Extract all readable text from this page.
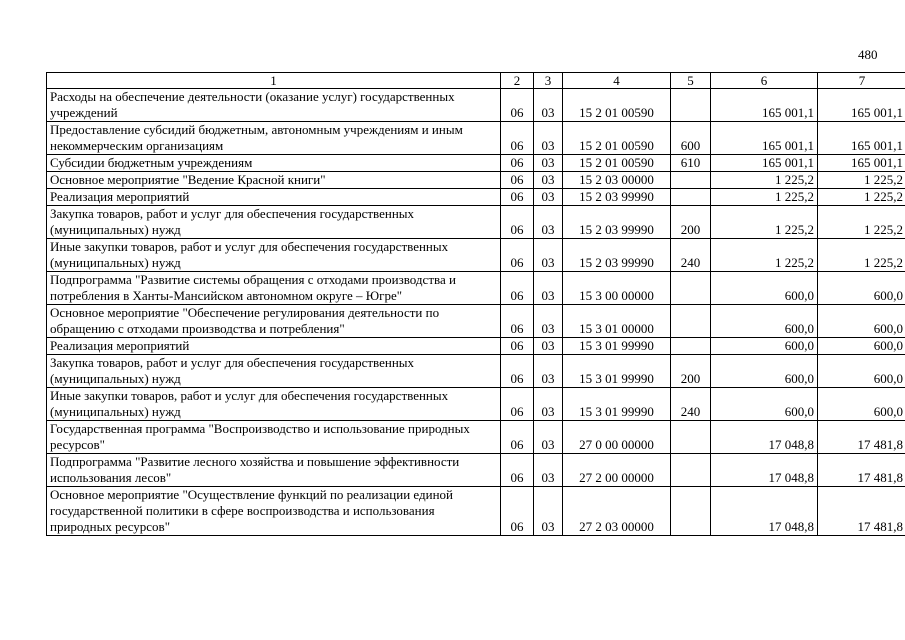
480
1	2	3	4	5	6	7
Расходы на обеспечение деятельности (оказание услуг) государственных учреждений	06	03	15 2 01 00590		165 001,1	165 001,1
Предоставление субсидий бюджетным, автономным учреждениям и иным некоммерческим организациям	06	03	15 2 01 00590	600	165 001,1	165 001,1
Субсидии бюджетным учреждениям	06	03	15 2 01 00590	610	165 001,1	165 001,1
Основное мероприятие "Ведение Красной книги"	06	03	15 2 03 00000		1 225,2	1 225,2
Реализация мероприятий	06	03	15 2 03 99990		1 225,2	1 225,2
Закупка товаров, работ и услуг для обеспечения государственных (муниципальных) нужд	06	03	15 2 03 99990	200	1 225,2	1 225,2
Иные закупки товаров, работ и услуг для обеспечения государственных (муниципальных) нужд	06	03	15 2 03 99990	240	1 225,2	1 225,2
Подпрограмма "Развитие системы обращения с отходами производства и потребления в Ханты-Мансийском автономном округе – Югре"	06	03	15 3 00 00000		600,0	600,0
Основное мероприятие "Обеспечение регулирования деятельности по обращению с отходами производства и потребления"	06	03	15 3 01 00000		600,0	600,0
Реализация мероприятий	06	03	15 3 01 99990		600,0	600,0
Закупка товаров, работ и услуг для обеспечения государственных (муниципальных) нужд	06	03	15 3 01 99990	200	600,0	600,0
Иные закупки товаров, работ и услуг для обеспечения государственных (муниципальных) нужд	06	03	15 3 01 99990	240	600,0	600,0
Государственная программа "Воспроизводство и использование природных ресурсов"	06	03	27 0 00 00000		17 048,8	17 481,8
Подпрограмма "Развитие лесного хозяйства и повышение эффективности использования лесов"	06	03	27 2 00 00000		17 048,8	17 481,8
Основное мероприятие "Осуществление функций по реализации единой государственной политики в сфере воспроизводства и использования природных ресурсов"	06	03	27 2 03 00000		17 048,8	17 481,8
